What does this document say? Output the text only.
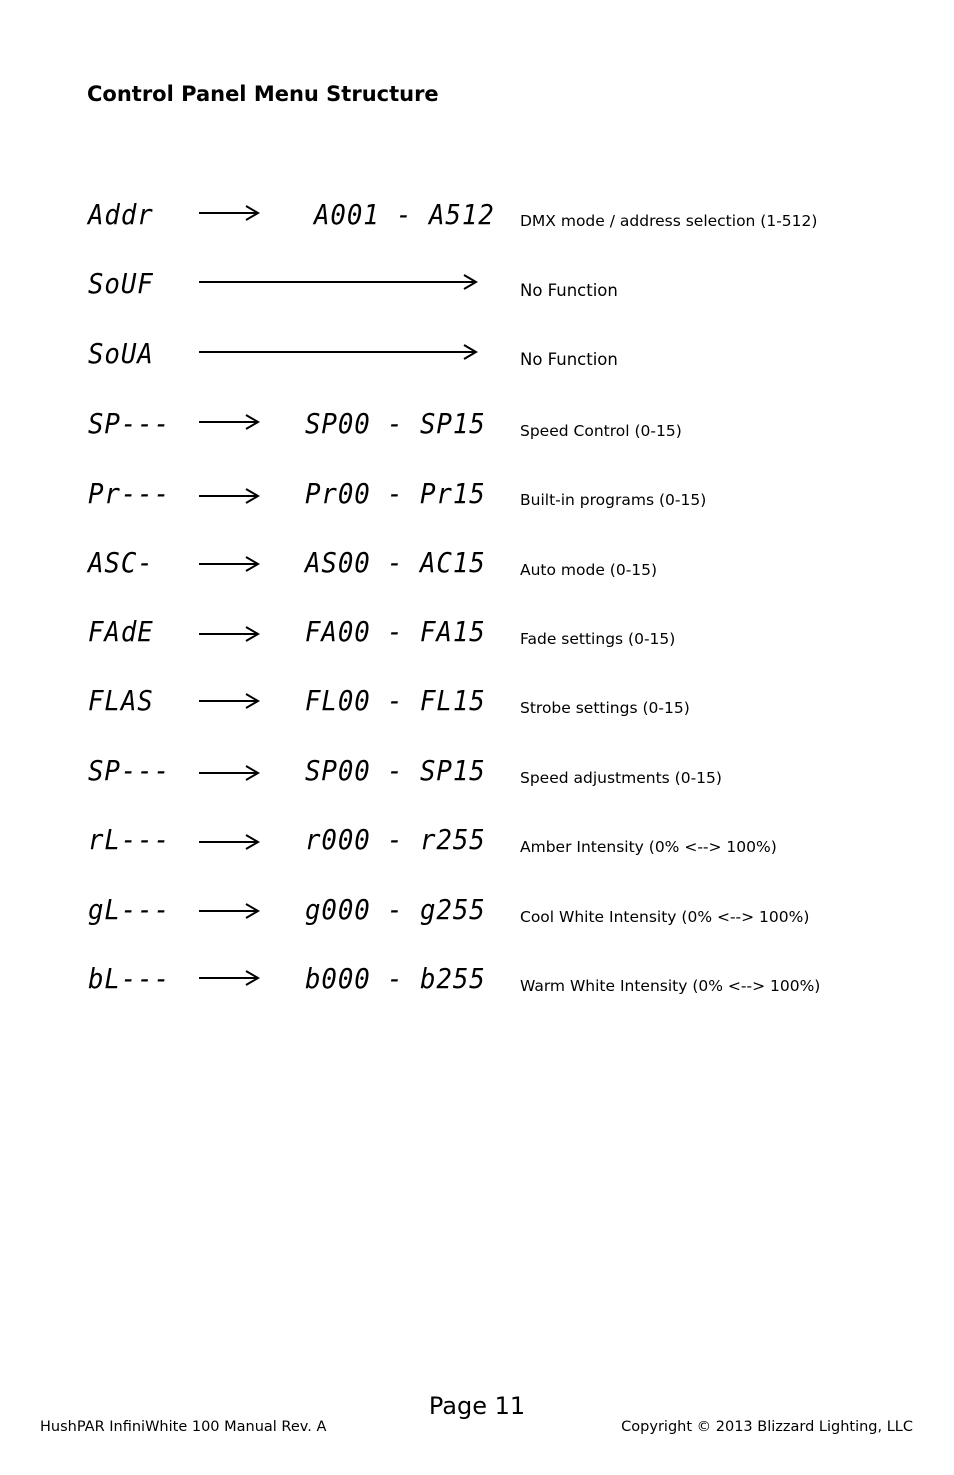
Control Panel Menu Structure
Addr	A001 - A512 DMX mode / address selection (1-512)
SoUF	No Function
SoUA	No Function
SP---	SP00 - SP15 Speed Control (0-15)
Pr---	Pr00 - Pr15 Built-in programs (0-15)
ASC-	AS00 - AC15 Auto mode (0-15)
FAdE	FA00 - FA15 Fade settings (0-15)
FLAS	FL00 - FL15 Strobe settings (0-15)
SP---	SP00 - SP15 Speed adjustments (0-15)
rL---	r000 - r255 Amber Intensity (0% <--> 100%)
gL---	g000 - g255 Cool White Intensity (0% <--> 100%)
bL---	b000 - b255 Warm White Intensity (0% <--> 100%)
Page 11
HushPAR InfiniWhite 100 Manual Rev. A	Copyright © 2013 Blizzard Lighting, LLC
